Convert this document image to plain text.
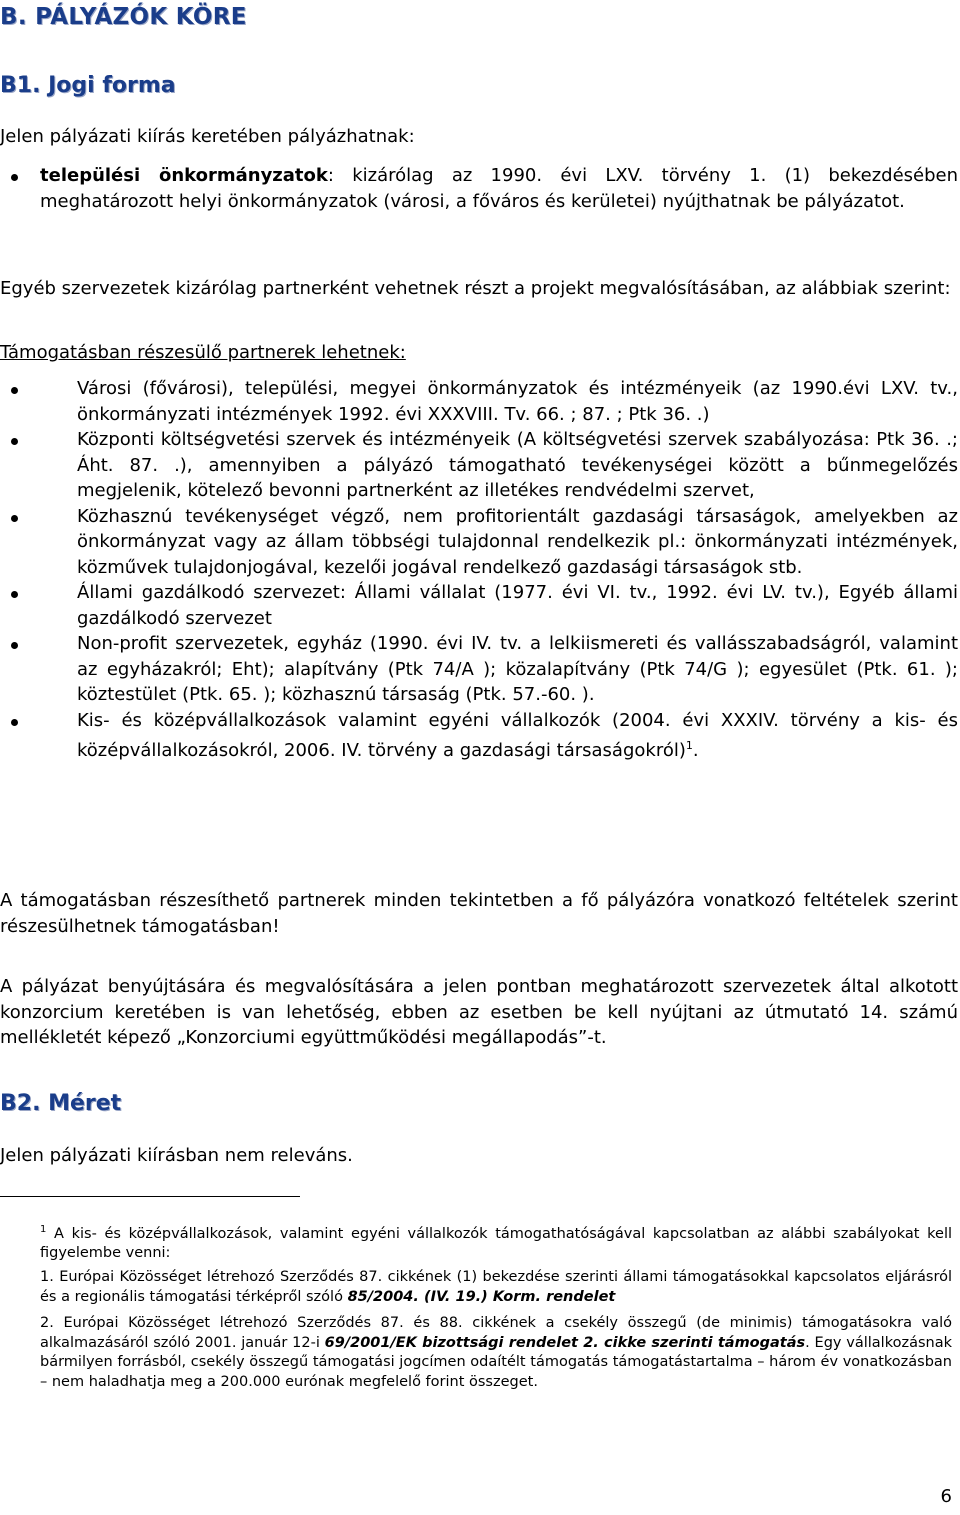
B. PÁLYÁZÓK KÖRE
B1. Jogi forma

Jelen pályázati kiírás keretében pályázhatnak:

települési önkormányzatok: kizárólag az 1990. évi LXV. törvény 1. (1) bekezdésében meghatározott helyi önkormányzatok (városi, a főváros és kerületei) nyújthatnak be pályázatot.

Egyéb szervezetek kizárólag partnerként vehetnek részt a projekt megvalósításában, az alábbiak szerint:

Támogatásban részesülő partnerek lehetnek:

Városi (fővárosi), települési, megyei önkormányzatok és intézményeik (az 1990.évi LXV. tv., önkormányzati intézmények 1992. évi XXXVIII. Tv. 66. ; 87. ; Ptk 36. .)
Központi költségvetési szervek és intézményeik (A költségvetési szervek szabályozása: Ptk 36. .; Áht. 87. .), amennyiben a pályázó támogatható tevékenységei között a bűnmegelőzés megjelenik, kötelező bevonni partnerként az illetékes rendvédelmi szervet,
Közhasznú tevékenységet végző, nem profitorientált gazdasági társaságok, amelyekben az önkormányzat vagy az állam többségi tulajdonnal rendelkezik pl.: önkormányzati intézmények, közművek tulajdonjogával, kezelői jogával rendelkező gazdasági társaságok stb.
Állami gazdálkodó szervezet: Állami vállalat (1977. évi VI. tv., 1992. évi LV. tv.), Egyéb állami gazdálkodó szervezet
Non-profit szervezetek, egyház (1990. évi IV. tv. a lelkiismereti és vallásszabadságról, valamint az egyházakról; Eht); alapítvány (Ptk 74/A ); közalapítvány (Ptk 74/G ); egyesület (Ptk. 61. ); köztestület (Ptk. 65. ); közhasznú társaság (Ptk. 57.-60. ).
Kis- és középvállalkozások valamint egyéni vállalkozók (2004. évi XXXIV. törvény a kis- és középvállalkozásokról, 2006. IV. törvény a gazdasági társaságokról)$^1$.

A támogatásban részesíthető partnerek minden tekintetben a fő pályázóra vonatkozó feltételek szerint részesülhetnek támogatásban!

A pályázat benyújtására és megvalósítására a jelen pontban meghatározott szervezetek által alkotott konzorcium keretében is van lehetőség, ebben az esetben be kell nyújtani az útmutató 14. számú mellékletét képező „Konzorciumi együttműködési megállapodás”-t.

B2. Méret

Jelen pályázati kiírásban nem releváns.

$^1$ A kis- és középvállalkozások, valamint egyéni vállalkozók támogathatóságával kapcsolatban az alábbi szabályokat kell figyelembe venni:

1. Európai Közösséget létrehozó Szerződés 87. cikkének (1) bekezdése szerinti állami támogatásokkal kapcsolatos eljárásról és a regionális támogatási térképről szóló 85/2004. (IV. 19.) Korm. rendelet

2. Európai Közösséget létrehozó Szerződés 87. és 88. cikkének a csekély összegű (de minimis) támogatásokra való alkalmazásáról szóló 2001. január 12-i 69/2001/EK bizottsági rendelet 2. cikke szerinti támogatás. Egy vállalkozásnak bármilyen forrásból, csekély összegű támogatási jogcímen odaítélt támogatás támogatástartalma – három év vonatkozásban – nem haladhatja meg a 200.000 eurónak megfelelő forint összeget.

6
